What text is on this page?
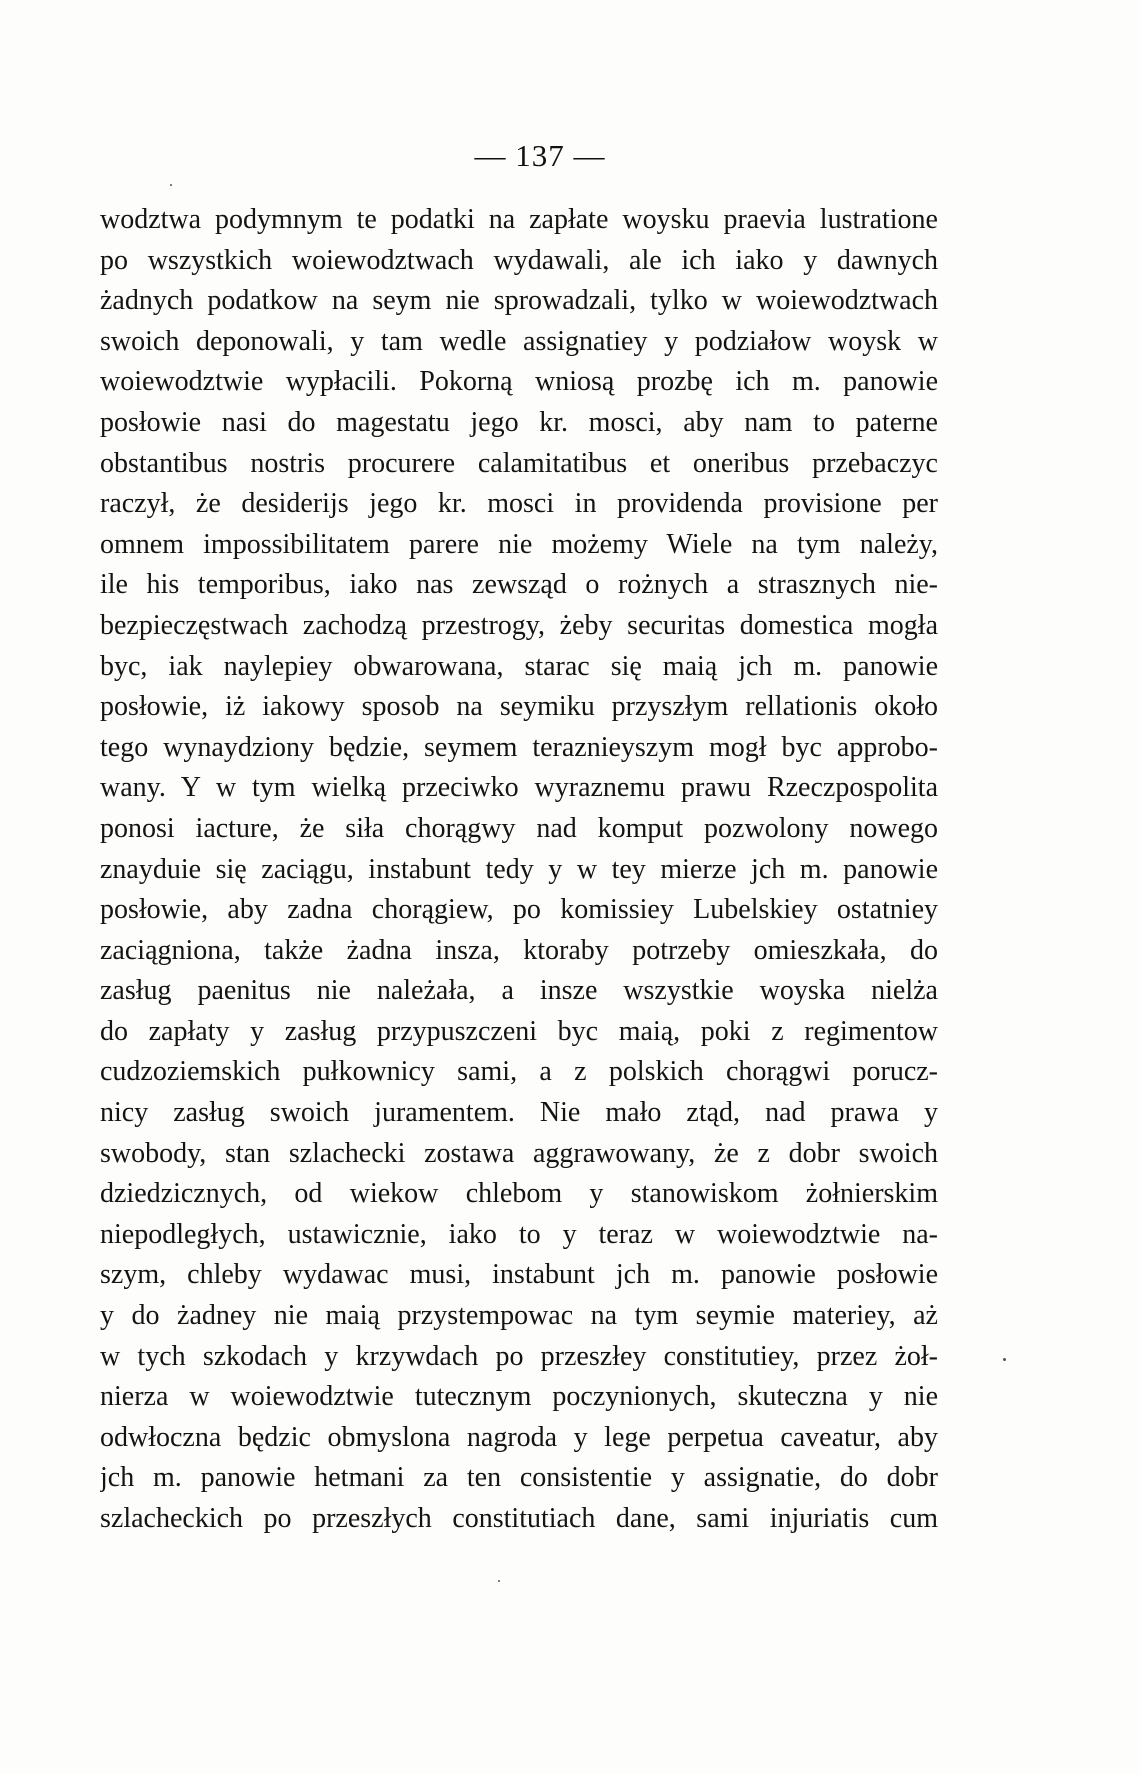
— 137 —
wodztwa podymnym te podatki na zapłate woysku praevia lustratione
po wszystkich woiewodztwach wydawali, ale ich iako y dawnych
żadnych podatkow na seym nie sprowadzali, tylko w woiewodztwach
swoich deponowali, y tam wedle assignatiey y podziałow woysk w
woiewodztwie wypłacili. Pokorną wniosą prozbę ich m. panowie
posłowie nasi do magestatu jego kr. mosci, aby nam to paterne
obstantibus nostris procurere calamitatibus et oneribus przebaczyc
raczył, że desiderijs jego kr. mosci in providenda provisione per
omnem impossibilitatem parere nie możemy Wiele na tym należy,
ile his temporibus, iako nas zewsząd o rożnych a strasznych nie-
bezpieczęstwach zachodzą przestrogy, żeby securitas domestica mogła
byc, iak naylepiey obwarowana, starac się maią jch m. panowie
posłowie, iż iakowy sposob na seymiku przyszłym rellationis około
tego wynaydziony będzie, seymem teraznieyszym mogł byc approbo-
wany. Y w tym wielką przeciwko wyraznemu prawu Rzeczpospolita
ponosi iacture, że siła chorągwy nad komput pozwolony nowego
znayduie się zaciągu, instabunt tedy y w tey mierze jch m. panowie
posłowie, aby zadna chorągiew, po komissiey Lubelskiey ostatniey
zaciągniona, także żadna insza, ktoraby potrzeby omieszkała, do
zasług paenitus nie należała, a insze wszystkie woyska nielża
do zapłaty y zasług przypuszczeni byc maią, poki z regimentow
cudzoziemskich pułkownicy sami, a z polskich chorągwi porucz-
nicy zasług swoich juramentem. Nie mało ztąd, nad prawa y
swobody, stan szlachecki zostawa aggrawowany, że z dobr swoich
dziedzicznych, od wiekow chlebom y stanowiskom żołnierskim
niepodległych, ustawicznie, iako to y teraz w woiewodztwie na-
szym, chleby wydawac musi, instabunt jch m. panowie posłowie
y do żadney nie maią przystempowac na tym seymie materiey, aż
w tych szkodach y krzywdach po przeszłey constitutiey, przez żoł-
nierza w woiewodztwie tutecznym poczynionych, skuteczna y nie
odwłoczna będzic obmyslona nagroda y lege perpetua caveatur, aby
jch m. panowie hetmani za ten consistentie y assignatie, do dobr
szlacheckich po przeszłych constitutiach dane, sami injuriatis cum
